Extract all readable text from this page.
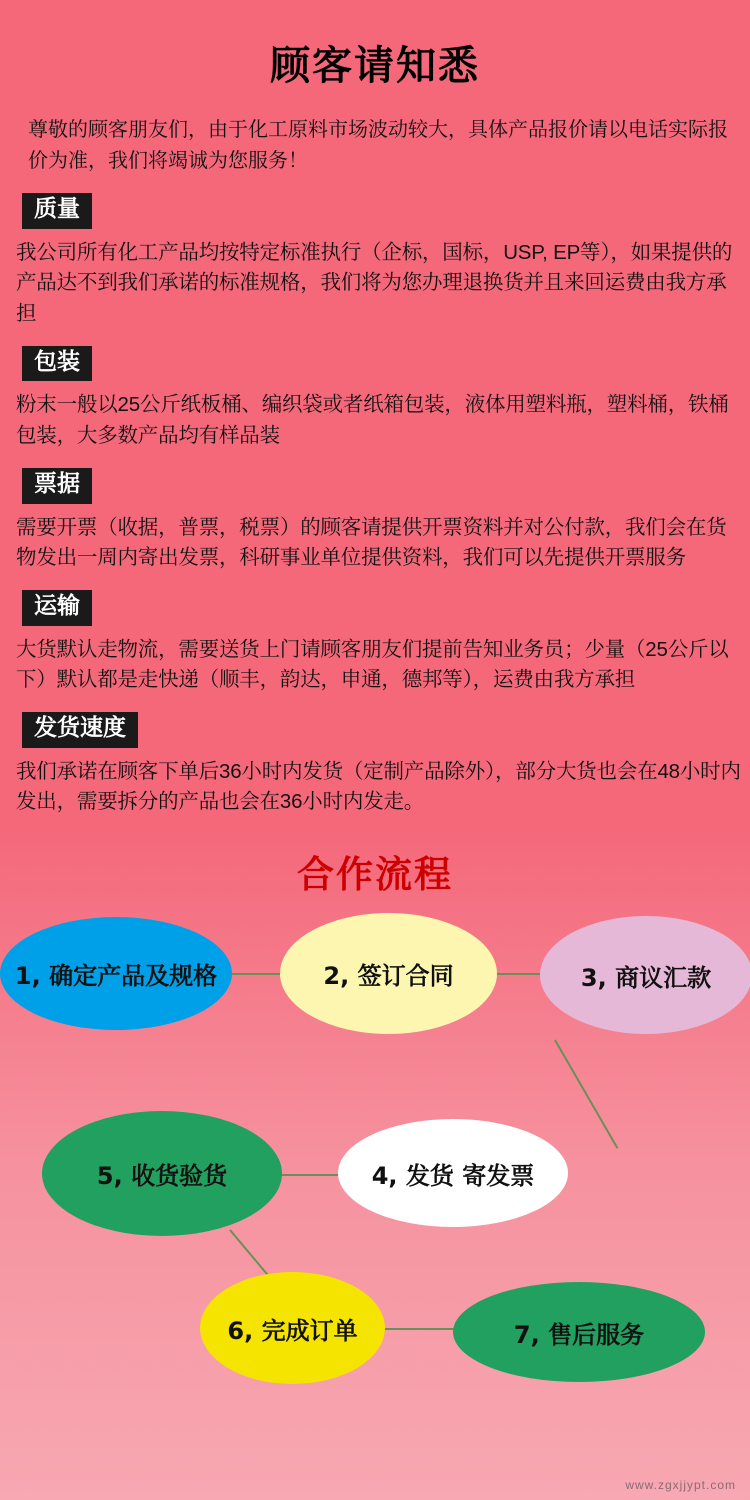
顾客请知悉

尊敬的顾客朋友们，由于化工原料市场波动较大，具体产品报价请以电话实际报价为准，我们将竭诚为您服务！

质量

我公司所有化工产品均按特定标准执行（企标，国标，USP, EP等），如果提供的产品达不到我们承诺的标准规格，我们将为您办理退换货并且来回运费由我方承担

包装

粉末一般以25公斤纸板桶、编织袋或者纸箱包装，液体用塑料瓶，塑料桶，铁桶包装，大多数产品均有样品装

票据

需要开票（收据，普票，税票）的顾客请提供开票资料并对公付款，我们会在货物发出一周内寄出发票，科研事业单位提供资料，我们可以先提供开票服务

运输

大货默认走物流，需要送货上门请顾客朋友们提前告知业务员；少量（25公斤以下）默认都是走快递（顺丰，韵达，申通，德邦等），运费由我方承担

发货速度

我们承诺在顾客下单后36小时内发货（定制产品除外），部分大货也会在48小时内发出，需要拆分的产品也会在36小时内发走。

合作流程
1, 确定产品及规格	2, 签订合同	3, 商议汇款
4, 发货 寄发票
5, 收货验货
6, 完成订单	7, 售后服务
www.zgxjjypt.com
